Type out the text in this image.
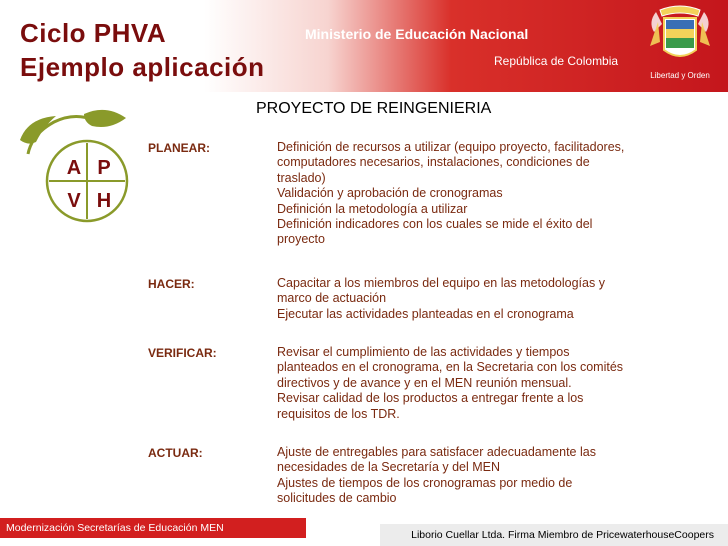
Ciclo PHVA
Ejemplo aplicación
Ministerio de Educación Nacional
República de Colombia
Libertad y Orden
PROYECTO DE REINGENIERIA
A P
V H
PLANEAR:	Definición de recursos a utilizar (equipo proyecto, facilitadores,
computadores necesarios, instalaciones, condiciones de
traslado)
Validación y aprobación de cronogramas
Definición la metodología a utilizar
Definición indicadores con los cuales se mide el éxito del
proyecto
HACER:	Capacitar a los miembros del equipo en las metodologías y
marco de actuación
Ejecutar las actividades planteadas en el cronograma
VERIFICAR:	Revisar el cumplimiento de las actividades y tiempos
planteados en el cronograma, en la Secretaria con los comités
directivos y de avance y en el MEN reunión mensual.
Revisar calidad de los productos a entregar frente a los
requisitos de los TDR.
ACTUAR:	Ajuste de entregables para satisfacer adecuadamente las
necesidades de la Secretaría y del MEN
Ajustes de tiempos de los cronogramas por medio de
solicitudes de cambio
Modernización Secretarías de Educación MEN
Liborio Cuellar Ltda. Firma Miembro de PricewaterhouseCoopers
